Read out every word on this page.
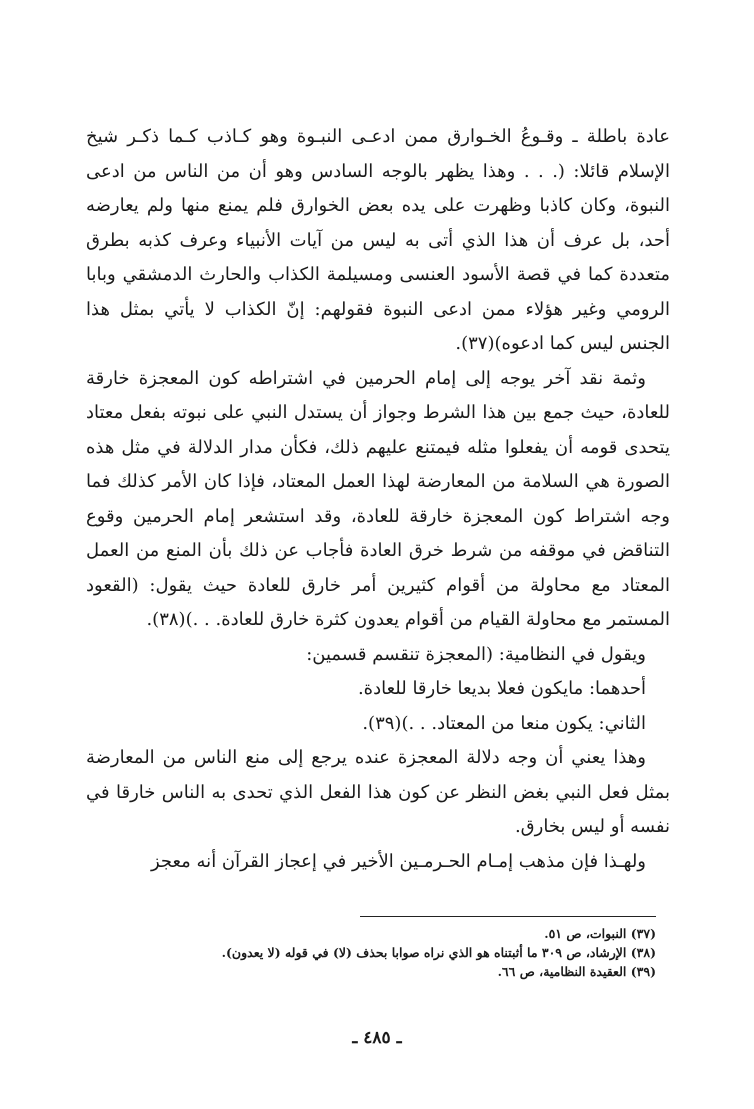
عادة باطلة ـ وقـوعُ الخـوارق ممن ادعـى النبـوة وهو كـاذب كـما ذكـر شيخ الإسلام قائلا: (. . . وهذا يظهر بالوجه السادس وهو أن من الناس من ادعى النبوة، وكان كاذبا وظهرت على يده بعض الخوارق فلم يمنع منها ولم يعارضه أحد، بل عرف أن هذا الذي أتى به ليس من آيات الأنبياء وعرف كذبه بطرق متعددة كما في قصة الأسود العنسى ومسيلمة الكذاب والحارث الدمشقي وبابا الرومي وغير هؤلاء ممن ادعى النبوة فقولهم: إنّ الكذاب لا يأتي بمثل هذا الجنس ليس كما ادعوه)(٣٧).

وثمة نقد آخر يوجه إلى إمام الحرمين في اشتراطه كون المعجزة خارقة للعادة، حيث جمع بين هذا الشرط وجواز أن يستدل النبي على نبوته بفعل معتاد يتحدى قومه أن يفعلوا مثله فيمتنع عليهم ذلك، فكأن مدار الدلالة في مثل هذه الصورة هي السلامة من المعارضة لهذا العمل المعتاد، فإذا كان الأمر كذلك فما وجه اشتراط كون المعجزة خارقة للعادة، وقد استشعر إمام الحرمين وقوع التناقض في موقفه من شرط خرق العادة فأجاب عن ذلك بأن المنع من العمل المعتاد مع محاولة من أقوام كثيرين أمر خارق للعادة حيث يقول: (القعود المستمر مع محاولة القيام من أقوام يعدون كثرة خارق للعادة. . .)(٣٨).

ويقول في النظامية: (المعجزة تنقسم قسمين:

أحدهما: مايكون فعلا بديعا خارقا للعادة.

الثاني: يكون منعا من المعتاد. . .)(٣٩).

وهذا يعني أن وجه دلالة المعجزة عنده يرجع إلى منع الناس من المعارضة بمثل فعل النبي بغض النظر عن كون هذا الفعل الذي تحدى به الناس خارقا في نفسه أو ليس بخارق.

ولهـذا فإن مذهب إمـام الحـرمـين الأخير في إعجاز القرآن أنه معجز

(٣٧) النبوات، ص ٥١.

(٣٨) الإرشاد، ص ٣٠٩ ما أثبتناه هو الذي نراه صوابا بحذف (لا) في قوله (لا يعدون).

(٣٩) العقيدة النظامية، ص ٦٦.

ـ ٤٨٥ ـ
